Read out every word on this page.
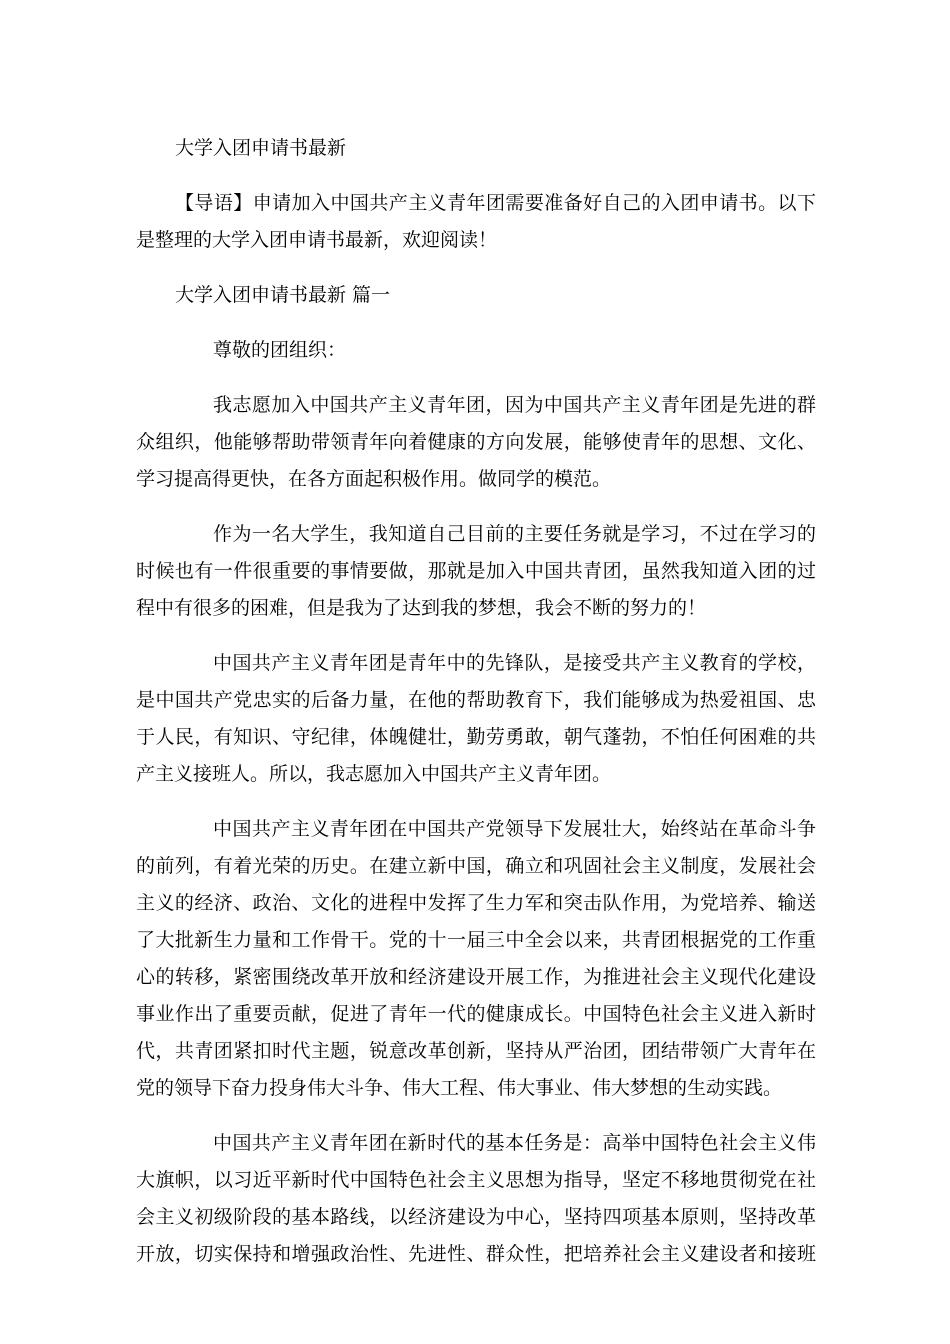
大学入团申请书最新

【导语】申请加入中国共产主义青年团需要准备好自己的入团申请书。以下

是整理的大学入团申请书最新，欢迎阅读！

大学入团申请书最新 篇一

尊敬的团组织：

我志愿加入中国共产主义青年团，因为中国共产主义青年团是先进的群

众组织，他能够帮助带领青年向着健康的方向发展，能够使青年的思想、文化、

学习提高得更快，在各方面起积极作用。做同学的模范。

作为一名大学生，我知道自己目前的主要任务就是学习，不过在学习的

时候也有一件很重要的事情要做，那就是加入中国共青团，虽然我知道入团的过

程中有很多的困难，但是我为了达到我的梦想，我会不断的努力的！

中国共产主义青年团是青年中的先锋队，是接受共产主义教育的学校，

是中国共产党忠实的后备力量，在他的帮助教育下，我们能够成为热爱祖国、忠

于人民，有知识、守纪律，体魄健壮，勤劳勇敢，朝气蓬勃，不怕任何困难的共

产主义接班人。所以，我志愿加入中国共产主义青年团。

中国共产主义青年团在中国共产党领导下发展壮大，始终站在革命斗争

的前列，有着光荣的历史。在建立新中国，确立和巩固社会主义制度，发展社会

主义的经济、政治、文化的进程中发挥了生力军和突击队作用，为党培养、输送

了大批新生力量和工作骨干。党的十一届三中全会以来，共青团根据党的工作重

心的转移，紧密围绕改革开放和经济建设开展工作，为推进社会主义现代化建设

事业作出了重要贡献，促进了青年一代的健康成长。中国特色社会主义进入新时

代，共青团紧扣时代主题，锐意改革创新，坚持从严治团，团结带领广大青年在

党的领导下奋力投身伟大斗争、伟大工程、伟大事业、伟大梦想的生动实践。

中国共产主义青年团在新时代的基本任务是：高举中国特色社会主义伟

大旗帜，以习近平新时代中国特色社会主义思想为指导，坚定不移地贯彻党在社

会主义初级阶段的基本路线，以经济建设为中心，坚持四项基本原则，坚持改革

开放，切实保持和增强政治性、先进性、群众性，把培养社会主义建设者和接班
